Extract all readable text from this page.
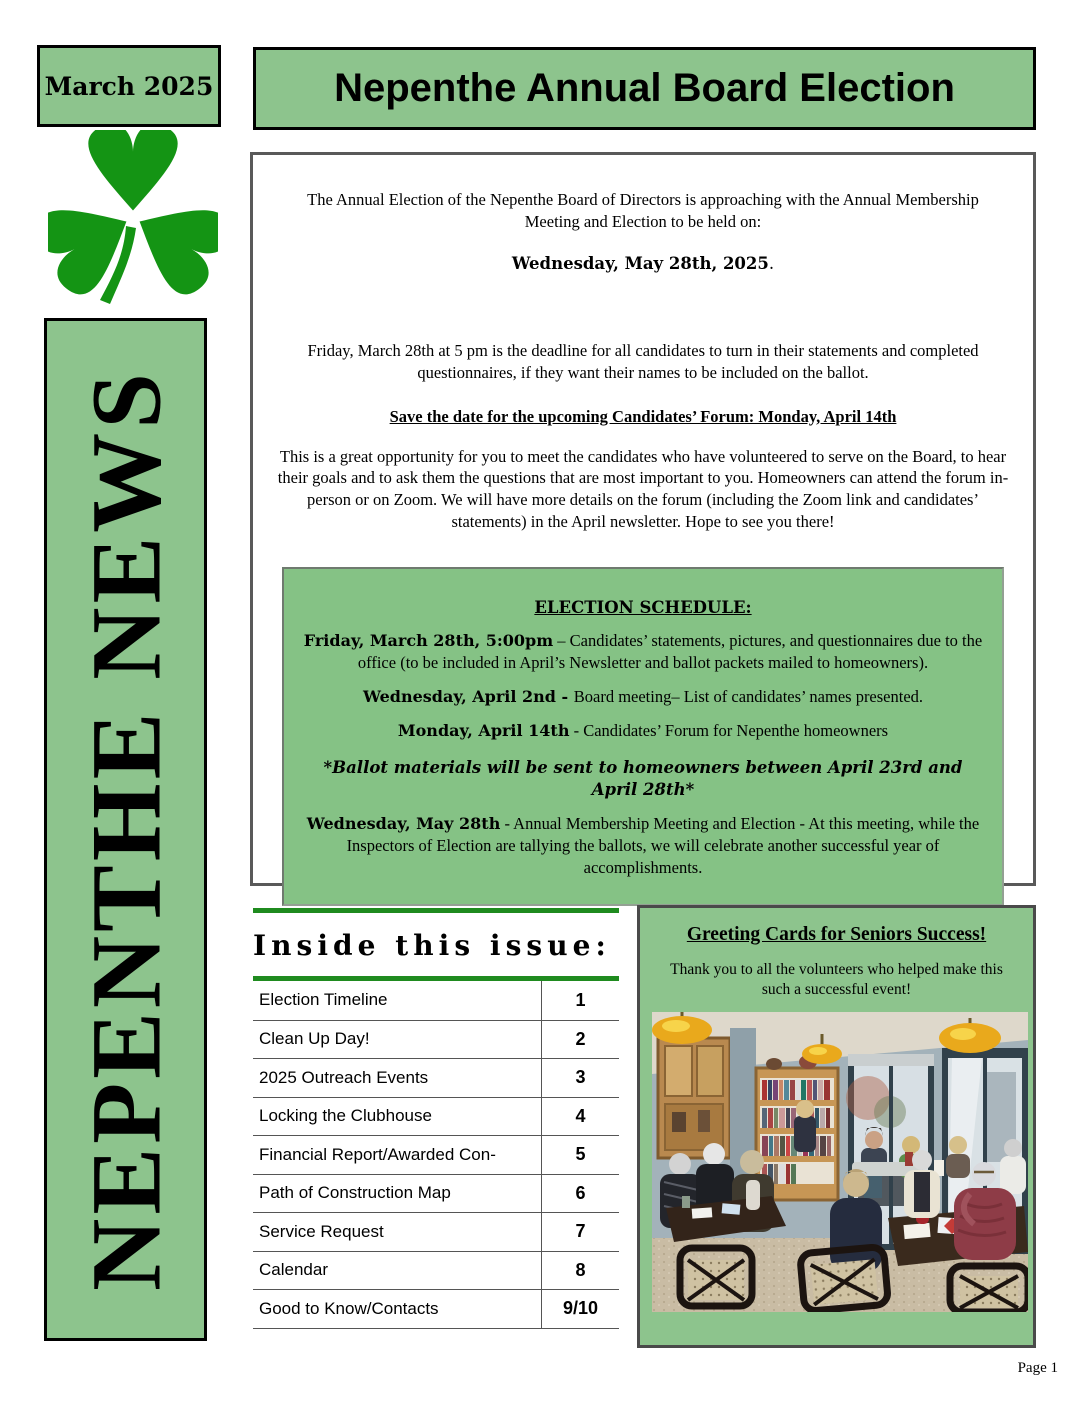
March 2025
NEPENTHE NEWS
Nepenthe Annual Board Election

The Annual Election of the Nepenthe Board of Directors is approaching with the Annual Membership Meeting and Election to be held on:

Wednesday, May 28th, 2025.

Friday, March 28th at 5 pm is the deadline for all candidates to turn in their statements and completed questionnaires, if they want their names to be included on the ballot.

Save the date for the upcoming Candidates’ Forum: Monday, April 14th

This is a great opportunity for you to meet the candidates who have volunteered to serve on the Board, to hear their goals and to ask them the questions that are most important to you. Homeowners can attend the forum in-person or on Zoom. We will have more details on the forum (including the Zoom link and candidates’ statements) in the April newsletter. Hope to see you there!

ELECTION SCHEDULE:

Friday, March 28th, 5:00pm – Candidates’ statements, pictures, and questionnaires due to the office (to be included in April’s Newsletter and ballot packets mailed to homeowners).

Wednesday, April 2nd - Board meeting– List of candidates’ names presented.

Monday, April 14th - Candidates’ Forum for Nepenthe homeowners

*Ballot materials will be sent to homeowners between April 23rd and April 28th*

Wednesday, May 28th - Annual Membership Meeting and Election - At this meeting, while the Inspectors of Election are tallying the ballots, we will celebrate another successful year of accomplishments.

Inside this issue:
Election Timeline	1
Clean Up Day!	2
2025 Outreach Events	3
Locking the Clubhouse	4
Financial Report/Awarded Con-	5
Path of Construction Map	6
Service Request	7
Calendar	8
Good to Know/Contacts	9/10
Greeting Cards for Seniors Success!
Thank you to all the volunteers who helped make this such a successful event!
Page 1
